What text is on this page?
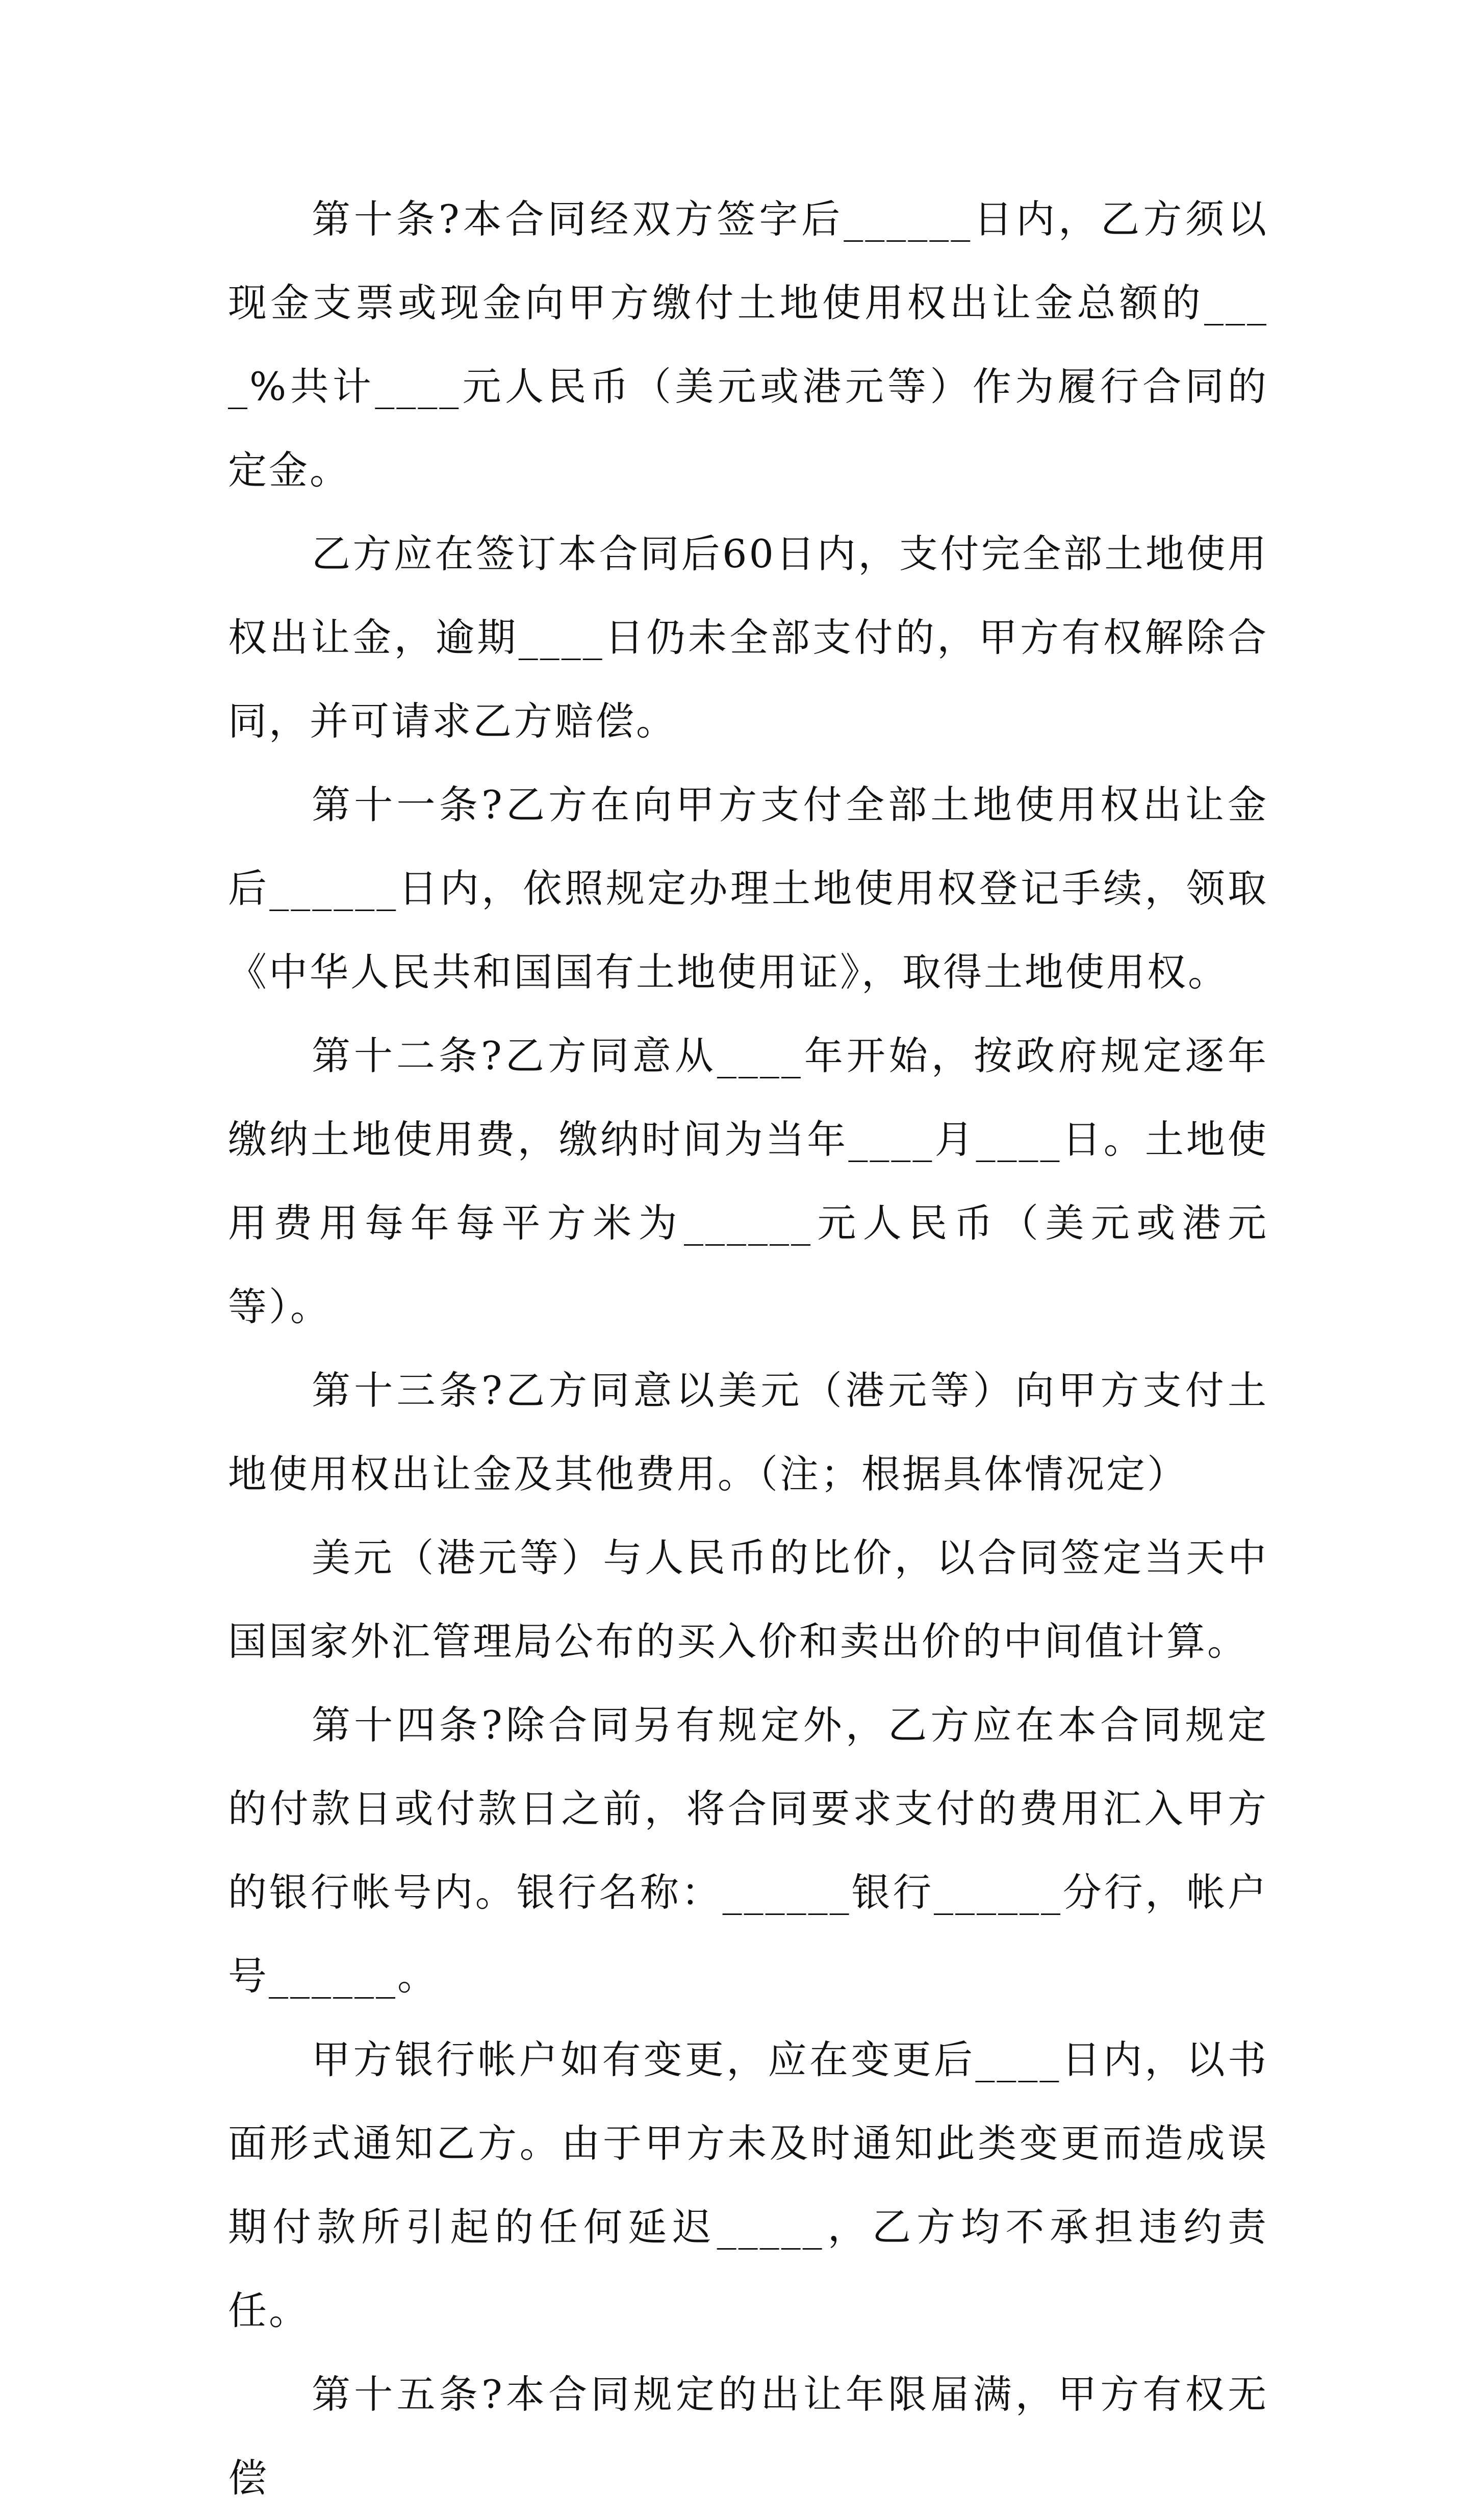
第十条?本合同经双方签字后______日内，乙方须以现金支票或现金向甲方缴付土地使用权出让金总额的____%共计____元人民币（美元或港元等）作为履行合同的定金。

乙方应在签订本合同后60日内，支付完全部土地使用权出让金，逾期____日仍未全部支付的，甲方有权解除合同，并可请求乙方赔偿。

第十一条?乙方在向甲方支付全部土地使用权出让金后______日内，依照规定办理土地使用权登记手续，领取《中华人民共和国国有土地使用证》，取得土地使用权。

第十二条?乙方同意从____年开始，按政府规定逐年缴纳土地使用费，缴纳时间为当年____月____日。土地使用费用每年每平方米为______元人民币（美元或港元等）。

第十三条?乙方同意以美元（港元等）向甲方支付土地使用权出让金及其他费用。（注；根据具体情况定）

美元（港元等）与人民币的比价，以合同签定当天中国国家外汇管理局公布的买入价和卖出价的中间值计算。

第十四条?除合同另有规定外，乙方应在本合同规定的付款日或付款日之前，将合同要求支付的费用汇入甲方的银行帐号内。银行名称：______银行______分行，帐户号______。

甲方银行帐户如有变更，应在变更后____日内，以书面形式通知乙方。由于甲方未及时通知此类变更而造成误期付款所引起的任何延迟_____，乙方均不承担违约责任。

第十五条?本合同规定的出让年限届满，甲方有权无偿
